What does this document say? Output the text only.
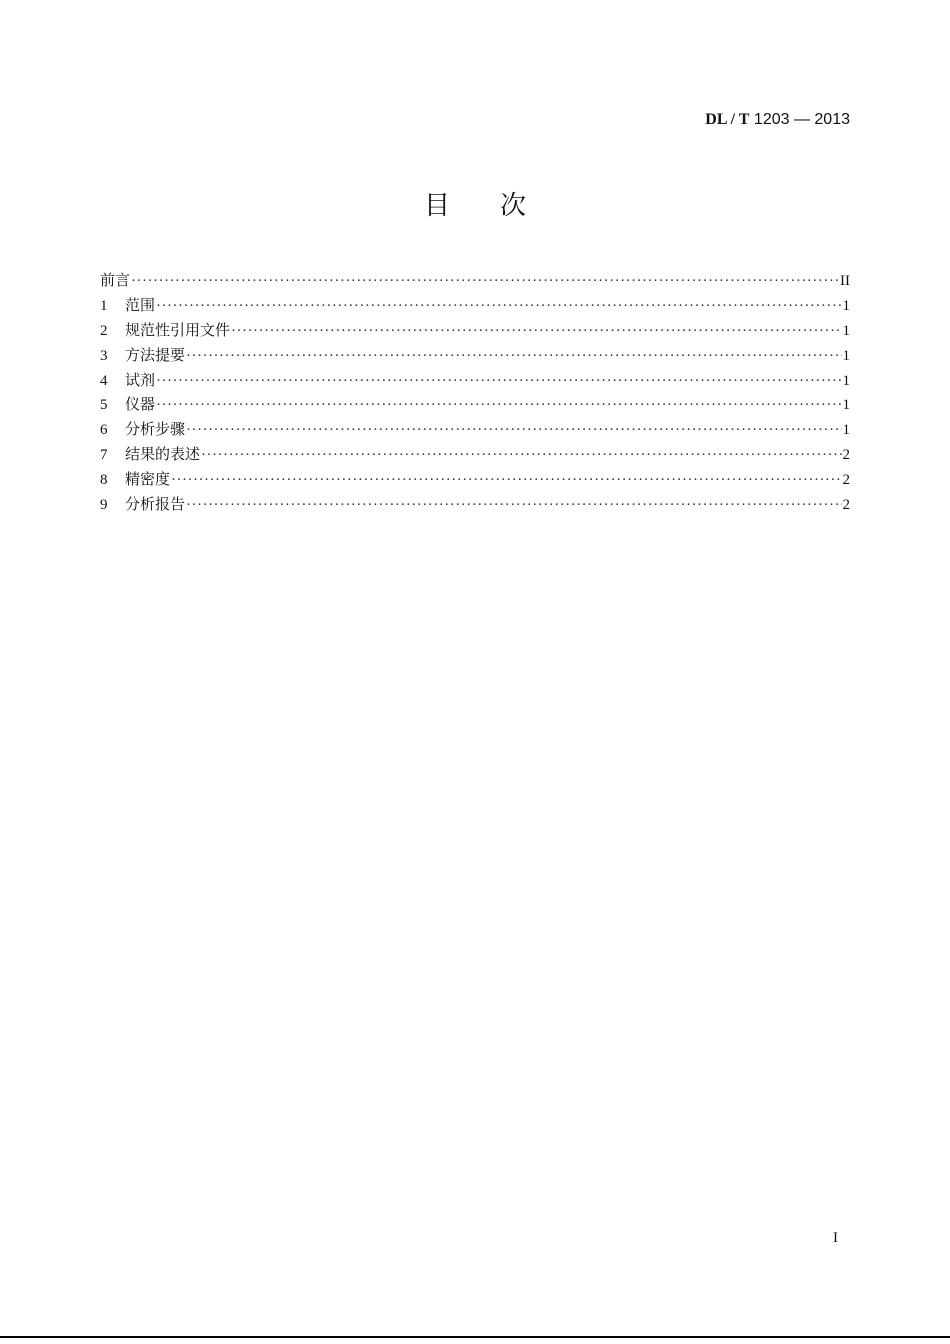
DL / T 1203 — 2013
目次
前言 ·····	II
1	范围 ·····	1
2	规范性引用文件 ·····	1
3	方法提要 ·····	1
4	试剂 ·····	1
5	仪器 ·····	1
6	分析步骤 ·····	1
7	结果的表述 ·····	2
8	精密度 ·····	2
9	分析报告 ·····	2
I
